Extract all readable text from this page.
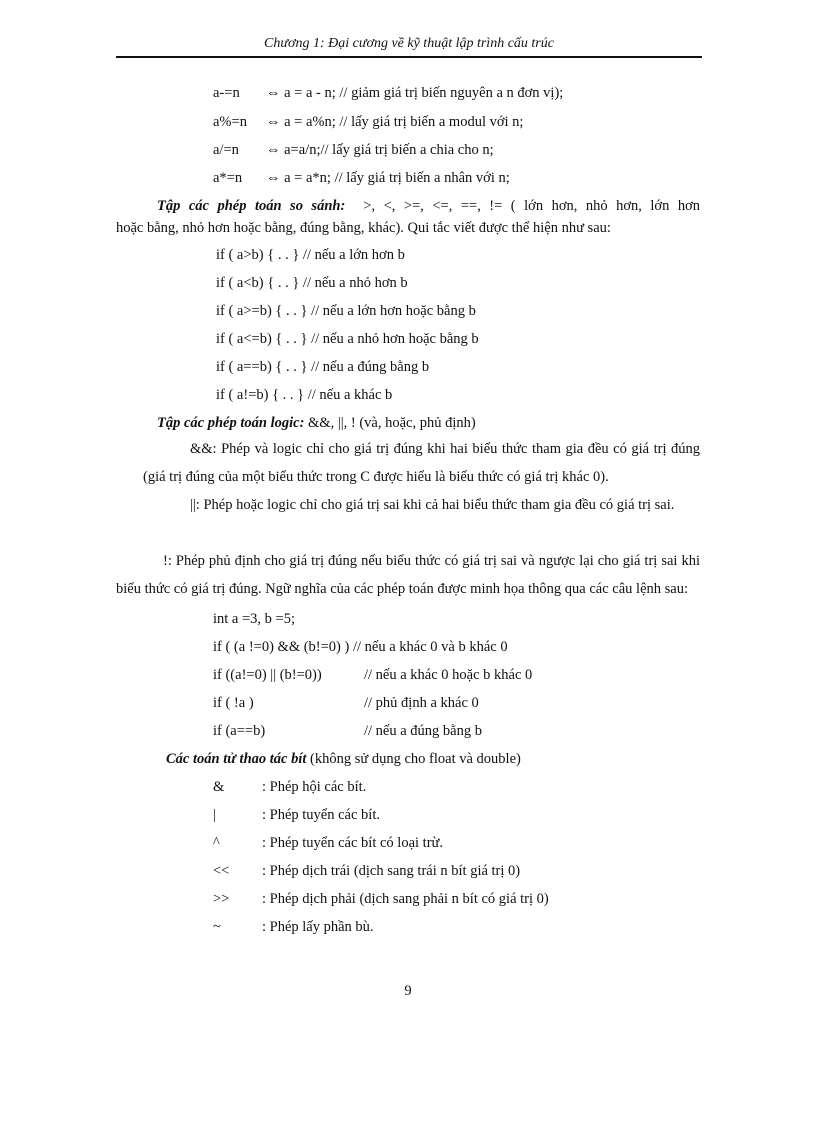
Chương 1: Đại cương về kỹ thuật lập trình cấu trúc
a-=n ⇔ a = a - n; // giảm giá trị biến nguyên a n đơn vị);
a%=n ⇔ a = a%n; // lấy giá trị biến a modul với n;
a/=n ⇔ a=a/n;// lấy giá trị biến a chia cho n;
a*=n ⇔ a = a*n; // lấy giá trị biến a nhân với n;
Tập các phép toán so sánh: >, <, >=, <=, ==, != ( lớn hơn, nhỏ hơn, lớn hơn
hoặc bằng, nhỏ hơn hoặc bằng, đúng bằng, khác). Qui tắc viết được thể hiện như sau:
if ( a>b) { . . } // nếu a lớn hơn b
if ( a<b) { . . } // nếu a nhỏ hơn b
if ( a>=b) { . . } // nếu a lớn hơn hoặc bằng b
if ( a<=b) { . . } // nếu a nhỏ hơn hoặc bằng b
if ( a==b) { . . } // nếu a đúng bằng b
if ( a!=b) { . . } // nếu a khác b
Tập các phép toán logic: &&, ||, ! (và, hoặc, phủ định)
&&: Phép và logic chỉ cho giá trị đúng khi hai biểu thức tham gia đều có giá trị đúng (giá trị đúng của một biểu thức trong C được hiểu là biểu thức có giá trị khác 0).
||: Phép hoặc logic chỉ cho giá trị sai khi cả hai biểu thức tham gia đều có giá trị sai.
!: Phép phủ định cho giá trị đúng nếu biểu thức có giá trị sai và ngược lại cho giá trị sai khi biểu thức có giá trị đúng. Ngữ nghĩa của các phép toán được minh họa thông qua các câu lệnh sau:
int a =3, b =5;
if ( (a !=0) && (b!=0) ) // nếu a khác 0 và b khác 0
if ((a!=0) || (b!=0))	// nếu a khác 0 hoặc b khác 0
if ( !a )	// phủ định a khác 0
if (a==b)	// nếu a đúng bằng b
Các toán tử thao tác bít (không sử dụng cho float và double)
&	: Phép hội các bít.
|	: Phép tuyển các bít.
^	: Phép tuyển các bít có loại trừ.
<< : Phép dịch trái (dịch sang trái n bít giá trị 0)
>> : Phép dịch phải (dịch sang phải n bít có giá trị 0)
~	: Phép lấy phần bù.
9
